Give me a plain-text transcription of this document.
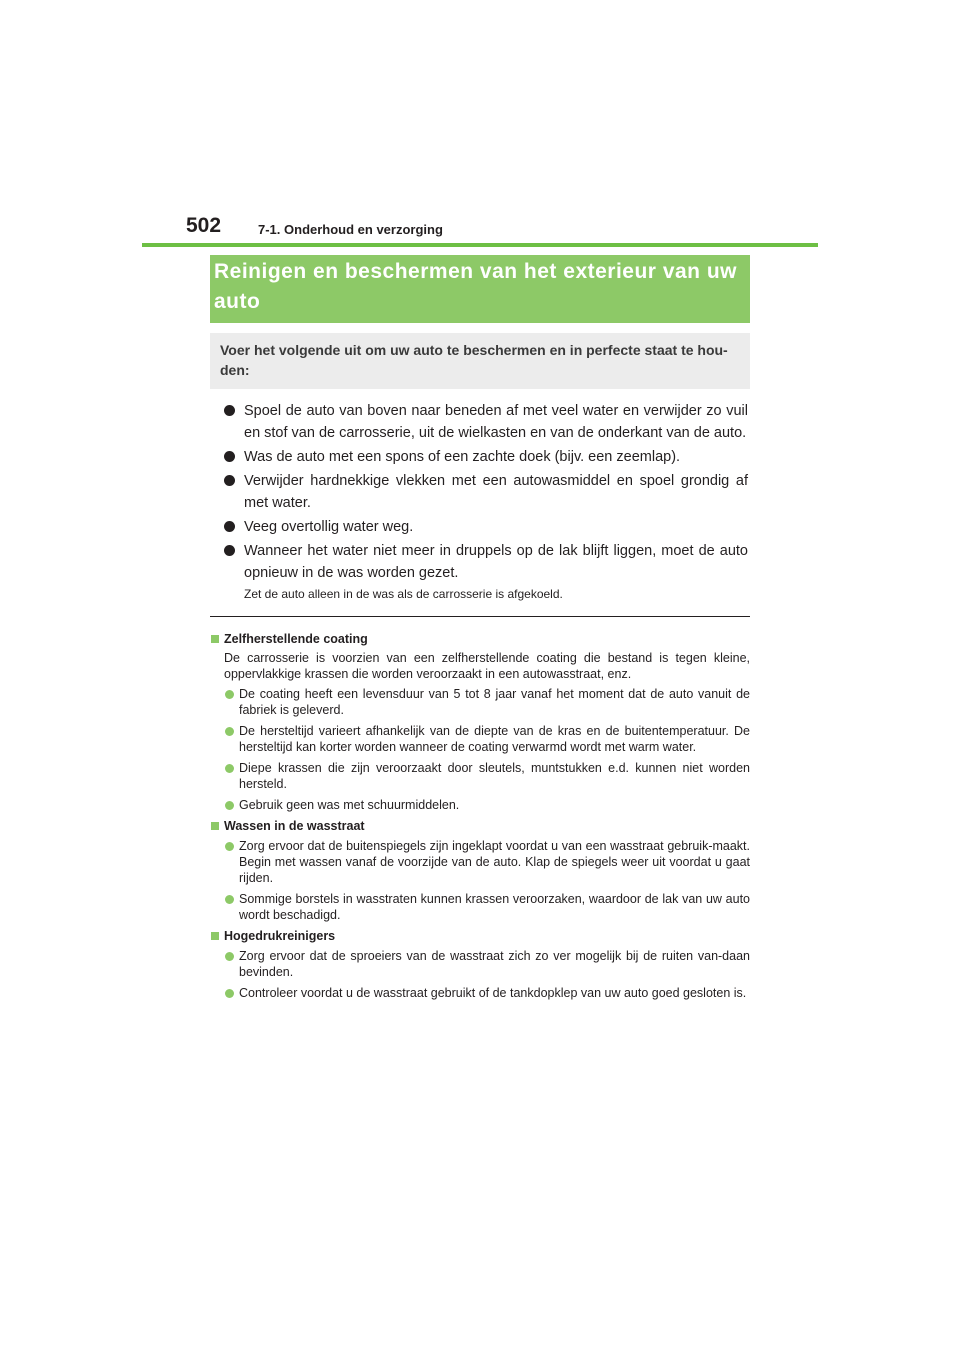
502	7-1. Onderhoud en verzorging
Reinigen en beschermen van het exterieur van uw auto
Voer het volgende uit om uw auto te beschermen en in perfecte staat te hou-den:
Spoel de auto van boven naar beneden af met veel water en verwijder zo vuil en stof van de carrosserie, uit de wielkasten en van de onderkant van de auto.
Was de auto met een spons of een zachte doek (bijv. een zeemlap).
Verwijder hardnekkige vlekken met een autowasmiddel en spoel grondig af met water.
Veeg overtollig water weg.
Wanneer het water niet meer in druppels op de lak blijft liggen, moet de auto opnieuw in de was worden gezet.
Zet de auto alleen in de was als de carrosserie is afgekoeld.
Zelfherstellende coating
De carrosserie is voorzien van een zelfherstellende coating die bestand is tegen kleine, oppervlakkige krassen die worden veroorzaakt in een autowasstraat, enz.
De coating heeft een levensduur van 5 tot 8 jaar vanaf het moment dat de auto vanuit de fabriek is geleverd.
De hersteltijd varieert afhankelijk van de diepte van de kras en de buitentemperatuur. De hersteltijd kan korter worden wanneer de coating verwarmd wordt met warm water.
Diepe krassen die zijn veroorzaakt door sleutels, muntstukken e.d. kunnen niet worden hersteld.
Gebruik geen was met schuurmiddelen.
Wassen in de wasstraat
Zorg ervoor dat de buitenspiegels zijn ingeklapt voordat u van een wasstraat gebruik-maakt. Begin met wassen vanaf de voorzijde van de auto. Klap de spiegels weer uit voordat u gaat rijden.
Sommige borstels in wasstraten kunnen krassen veroorzaken, waardoor de lak van uw auto wordt beschadigd.
Hogedrukreinigers
Zorg ervoor dat de sproeiers van de wasstraat zich zo ver mogelijk bij de ruiten van-daan bevinden.
Controleer voordat u de wasstraat gebruikt of de tankdopklep van uw auto goed gesloten is.
